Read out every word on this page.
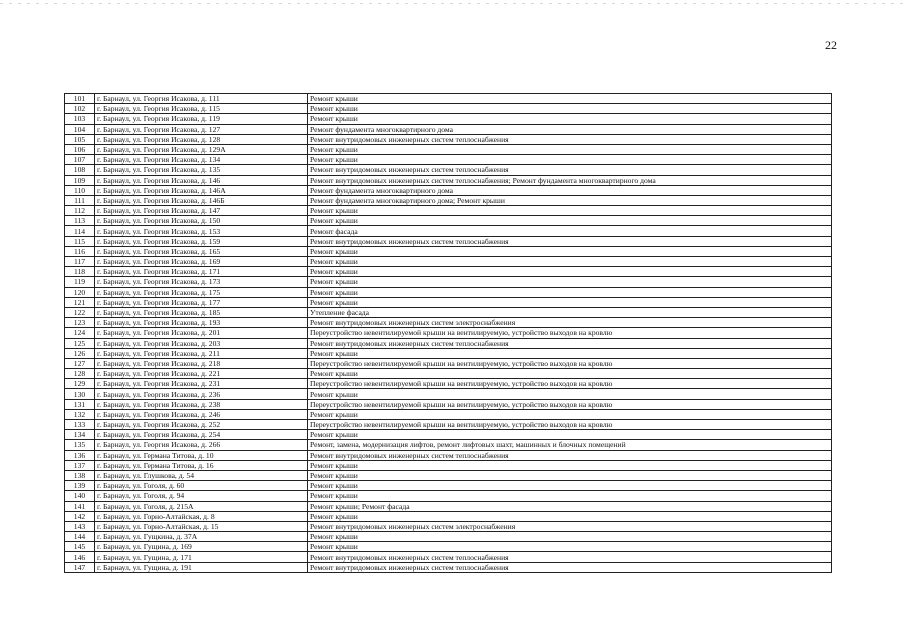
22
101	г. Барнаул, ул. Георгия Исакова, д. 111	Ремонт крыши
102	г. Барнаул, ул. Георгия Исакова, д. 115	Ремонт крыши
103	г. Барнаул, ул. Георгия Исакова, д. 119	Ремонт крыши
104	г. Барнаул, ул. Георгия Исакова, д. 127	Ремонт фундамента многоквартирного дома
105	г. Барнаул, ул. Георгия Исакова, д. 128	Ремонт внутридомовых инженерных систем теплоснабжения
106	г. Барнаул, ул. Георгия Исакова, д. 129А	Ремонт крыши
107	г. Барнаул, ул. Георгия Исакова, д. 134	Ремонт крыши
108	г. Барнаул, ул. Георгия Исакова, д. 135	Ремонт внутридомовых инженерных систем теплоснабжения
109	г. Барнаул, ул. Георгия Исакова, д. 146	Ремонт внутридомовых инженерных систем теплоснабжения; Ремонт фундамента многоквартирного дома
110	г. Барнаул, ул. Георгия Исакова, д. 146А	Ремонт фундамента многоквартирного дома
111	г. Барнаул, ул. Георгия Исакова, д. 146Б	Ремонт фундамента многоквартирного дома; Ремонт крыши
112	г. Барнаул, ул. Георгия Исакова, д. 147	Ремонт крыши
113	г. Барнаул, ул. Георгия Исакова, д. 150	Ремонт крыши
114	г. Барнаул, ул. Георгия Исакова, д. 153	Ремонт фасада
115	г. Барнаул, ул. Георгия Исакова, д. 159	Ремонт внутридомовых инженерных систем теплоснабжения
116	г. Барнаул, ул. Георгия Исакова, д. 165	Ремонт крыши
117	г. Барнаул, ул. Георгия Исакова, д. 169	Ремонт крыши
118	г. Барнаул, ул. Георгия Исакова, д. 171	Ремонт крыши
119	г. Барнаул, ул. Георгия Исакова, д. 173	Ремонт крыши
120	г. Барнаул, ул. Георгия Исакова, д. 175	Ремонт крыши
121	г. Барнаул, ул. Георгия Исакова, д. 177	Ремонт крыши
122	г. Барнаул, ул. Георгия Исакова, д. 185	Утепление фасада
123	г. Барнаул, ул. Георгия Исакова, д. 193	Ремонт внутридомовых инженерных систем электроснабжения
124	г. Барнаул, ул. Георгия Исакова, д. 201	Переустройство невентилируемой крыши на вентилируемую, устройство выходов на кровлю
125	г. Барнаул, ул. Георгия Исакова, д. 203	Ремонт внутридомовых инженерных систем теплоснабжения
126	г. Барнаул, ул. Георгия Исакова, д. 211	Ремонт крыши
127	г. Барнаул, ул. Георгия Исакова, д. 218	Переустройство невентилируемой крыши на вентилируемую, устройство выходов на кровлю
128	г. Барнаул, ул. Георгия Исакова, д. 221	Ремонт крыши
129	г. Барнаул, ул. Георгия Исакова, д. 231	Переустройство невентилируемой крыши на вентилируемую, устройство выходов на кровлю
130	г. Барнаул, ул. Георгия Исакова, д. 236	Ремонт крыши
131	г. Барнаул, ул. Георгия Исакова, д. 238	Переустройство невентилируемой крыши на вентилируемую, устройство выходов на кровлю
132	г. Барнаул, ул. Георгия Исакова, д. 246	Ремонт крыши
133	г. Барнаул, ул. Георгия Исакова, д. 252	Переустройство невентилируемой крыши на вентилируемую, устройство выходов на кровлю
134	г. Барнаул, ул. Георгия Исакова, д. 254	Ремонт крыши
135	г. Барнаул, ул. Георгия Исакова, д. 266	Ремонт, замена, модернизация лифтов, ремонт лифтовых шахт, машинных и блочных помещений
136	г. Барнаул, ул. Германа Титова, д. 10	Ремонт внутридомовых инженерных систем теплоснабжения
137	г. Барнаул, ул. Германа Титова, д. 16	Ремонт крыши
138	г. Барнаул, ул. Глушкова, д. 54	Ремонт крыши
139	г. Барнаул, ул. Гоголя, д. 60	Ремонт крыши
140	г. Барнаул, ул. Гоголя, д. 94	Ремонт крыши
141	г. Барнаул, ул. Гоголя, д. 215А	Ремонт крыши; Ремонт фасада
142	г. Барнаул, ул. Горно-Алтайская, д. 8	Ремонт крыши
143	г. Барнаул, ул. Горно-Алтайская, д. 15	Ремонт внутридомовых инженерных систем электроснабжения
144	г. Барнаул, ул. Гущкина, д. 37А	Ремонт крыши
145	г. Барнаул, ул. Гущина, д. 169	Ремонт крыши
146	г. Барнаул, ул. Гущина, д. 171	Ремонт внутридомовых инженерных систем теплоснабжения
147	г. Барнаул, ул. Гущина, д. 191	Ремонт внутридомовых инженерных систем теплоснабжения
